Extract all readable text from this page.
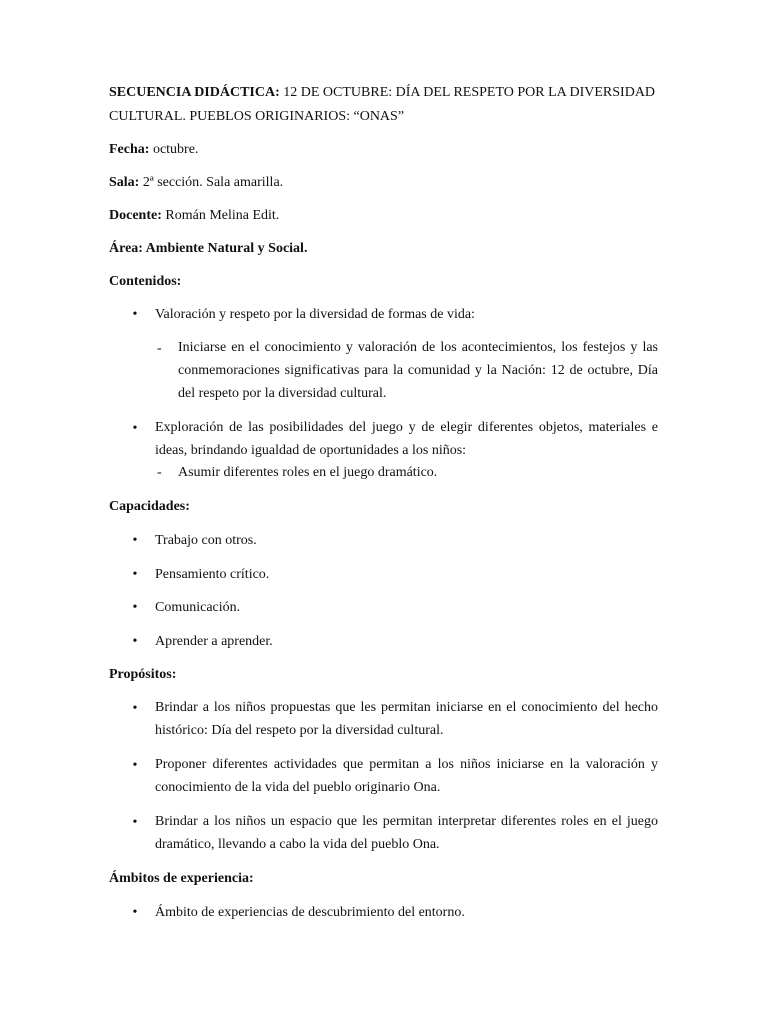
SECUENCIA DIDÁCTICA: 12 DE OCTUBRE: DÍA DEL RESPETO POR LA DIVERSIDAD
CULTURAL. PUEBLOS ORIGINARIOS: “ONAS”
Fecha: octubre.
Sala: 2ª sección. Sala amarilla.
Docente: Román Melina Edit.
Área: Ambiente Natural y Social.
Contenidos:
• Valoración y respeto por la diversidad de formas de vida:
- Iniciarse en el conocimiento y valoración de los acontecimientos, los festejos y las conmemoraciones significativas para la comunidad y la Nación: 12 de octubre, Día del respeto por la diversidad cultural.
• Exploración de las posibilidades del juego y de elegir diferentes objetos, materiales e ideas, brindando igualdad de oportunidades a los niños:
- Asumir diferentes roles en el juego dramático.
Capacidades:
• Trabajo con otros.
• Pensamiento crítico.
• Comunicación.
• Aprender a aprender.
Propósitos:
• Brindar a los niños propuestas que les permitan iniciarse en el conocimiento del hecho histórico: Día del respeto por la diversidad cultural.
• Proponer diferentes actividades que permitan a los niños iniciarse en la valoración y conocimiento de la vida del pueblo originario Ona.
• Brindar a los niños un espacio que les permitan interpretar diferentes roles en el juego dramático, llevando a cabo la vida del pueblo Ona.
Ámbitos de experiencia:
• Ámbito de experiencias de descubrimiento del entorno.
